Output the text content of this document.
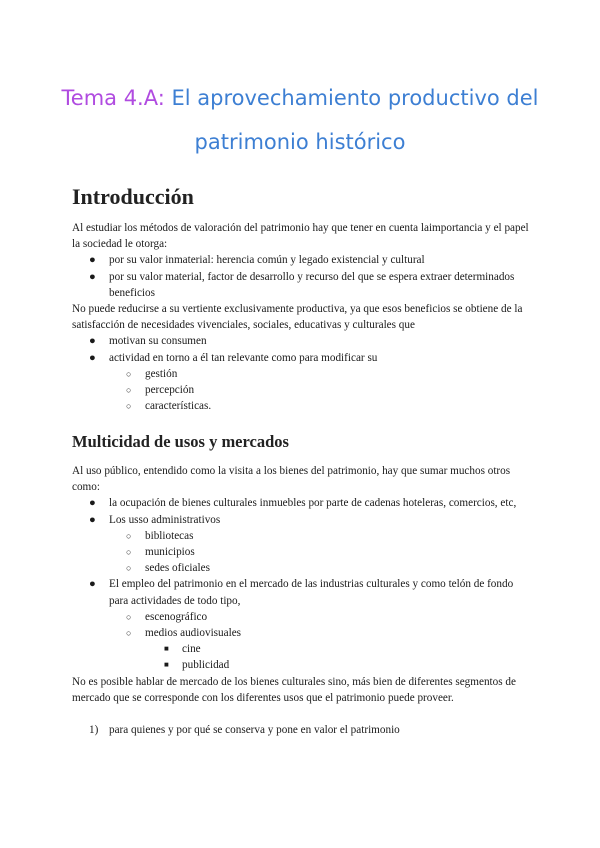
Tema 4.A: El aprovechamiento productivo del
patrimonio histórico
Introducción

Al estudiar los métodos de valoración del patrimonio hay que tener en cuenta laimportancia y el papel la sociedad le otorga:

● por su valor inmaterial: herencia común y legado existencial y cultural
● por su valor material, factor de desarrollo y recurso del que se espera extraer determinados beneficios

No puede reducirse a su vertiente exclusivamente productiva, ya que esos beneficios se obtiene de la satisfacción de necesidades vivenciales, sociales, educativas y culturales que

● motivan su consumen
● actividad en torno a él tan relevante como para modificar su
○ gestión
○ percepción
○ características.
Multicidad de usos y mercados

Al uso público, entendido como la visita a los bienes del patrimonio, hay que sumar muchos otros como:

● la ocupación de bienes culturales inmuebles por parte de cadenas hoteleras, comercios, etc,
● Los usso administrativos
○ bibliotecas
○ municipios
○ sedes oficiales
● El empleo del patrimonio en el mercado de las industrias culturales y como telón de fondo para actividades de todo tipo,
○ escenográfico
○ medios audiovisuales
■ cine
■ publicidad

No es posible hablar de mercado de los bienes culturales sino, más bien de diferentes segmentos de mercado que se corresponde con los diferentes usos que el patrimonio puede proveer.

1) para quienes y por qué se conserva y pone en valor el patrimonio
